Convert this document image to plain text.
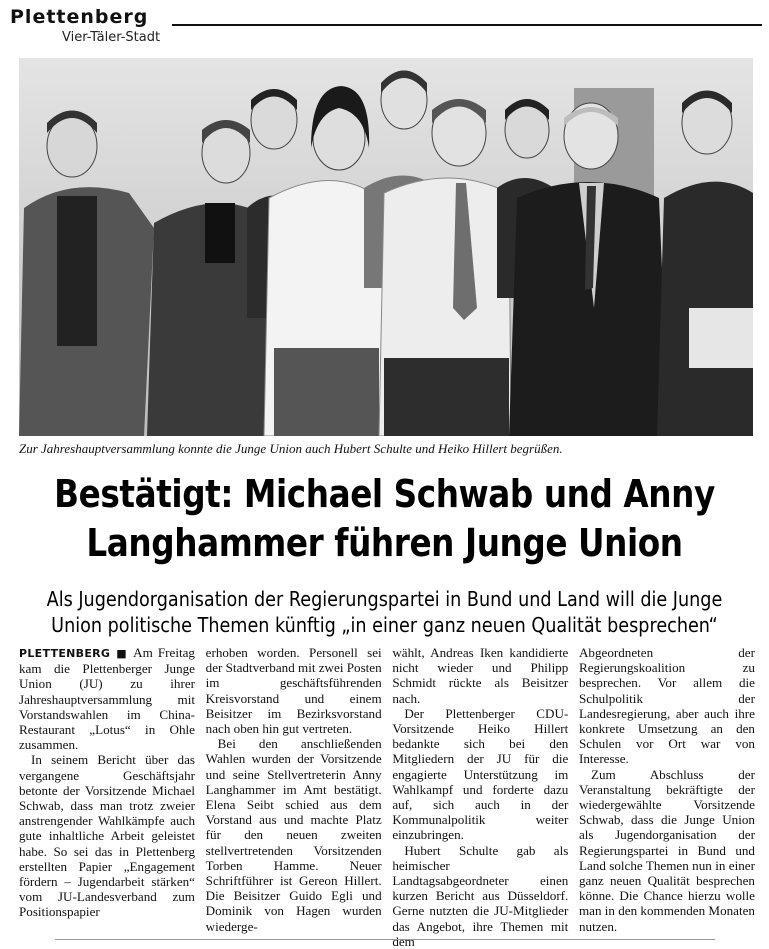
Plettenberg
Vier-Täler-Stadt
Zur Jahreshauptversammlung konnte die Junge Union auch Hubert Schulte und Heiko Hillert begrüßen.
Bestätigt: Michael Schwab und Anny
Langhammer führen Junge Union
Als Jugendorganisation der Regierungspartei in Bund und Land will die Junge
Union politische Themen künftig „in einer ganz neuen Qualität besprechen“

PLETTENBERG ■ Am Freitag kam die Plettenberger Junge Union (JU) zu ihrer Jahreshauptversammlung mit Vorstandswahlen im China-Restaurant „Lotus“ in Ohle zusammen.

In seinem Bericht über das vergangene Geschäftsjahr betonte der Vorsitzende Michael Schwab, dass man trotz zweier anstrengender Wahlkämpfe auch gute inhaltliche Arbeit geleistet habe. So sei das in Plettenberg erstellten Papier „Engagement fördern – Jugendarbeit stärken“ vom JU-Landesverband zum Positionspapier

erhoben worden. Personell sei der Stadtverband mit zwei Posten im geschäftsführenden Kreisvorstand und einem Beisitzer im Bezirksvorstand nach oben hin gut vertreten.

Bei den anschließenden Wahlen wurden der Vorsitzende und seine Stellvertreterin Anny Langhammer im Amt bestätigt. Elena Seibt schied aus dem Vorstand aus und machte Platz für den neuen zweiten stellvertretenden Vorsitzenden Torben Hamme. Neuer Schriftführer ist Gereon Hillert. Die Beisitzer Guido Egli und Dominik von Hagen wurden wiederge-

wählt, Andreas Iken kandidierte nicht wieder und Philipp Schmidt rückte als Beisitzer nach.

Der Plettenberger CDU-Vorsitzende Heiko Hillert bedankte sich bei den Mitgliedern der JU für die engagierte Unterstützung im Wahlkampf und forderte dazu auf, sich auch in der Kommunalpolitik weiter einzubringen.

Hubert Schulte gab als heimischer Landtagsabgeordneter einen kurzen Bericht aus Düsseldorf. Gerne nutzten die JU-Mitglieder das Angebot, ihre Themen mit dem

Abgeordneten der Regierungskoalition zu besprechen. Vor allem die Schulpolitik der Landesregierung, aber auch ihre konkrete Umsetzung an den Schulen vor Ort war von Interesse.

Zum Abschluss der Veranstaltung bekräftigte der wiedergewählte Vorsitzende Schwab, dass die Junge Union als Jugendorganisation der Regierungspartei in Bund und Land solche Themen nun in einer ganz neuen Qualität besprechen könne. Die Chance hierzu wolle man in den kommenden Monaten nutzen.
